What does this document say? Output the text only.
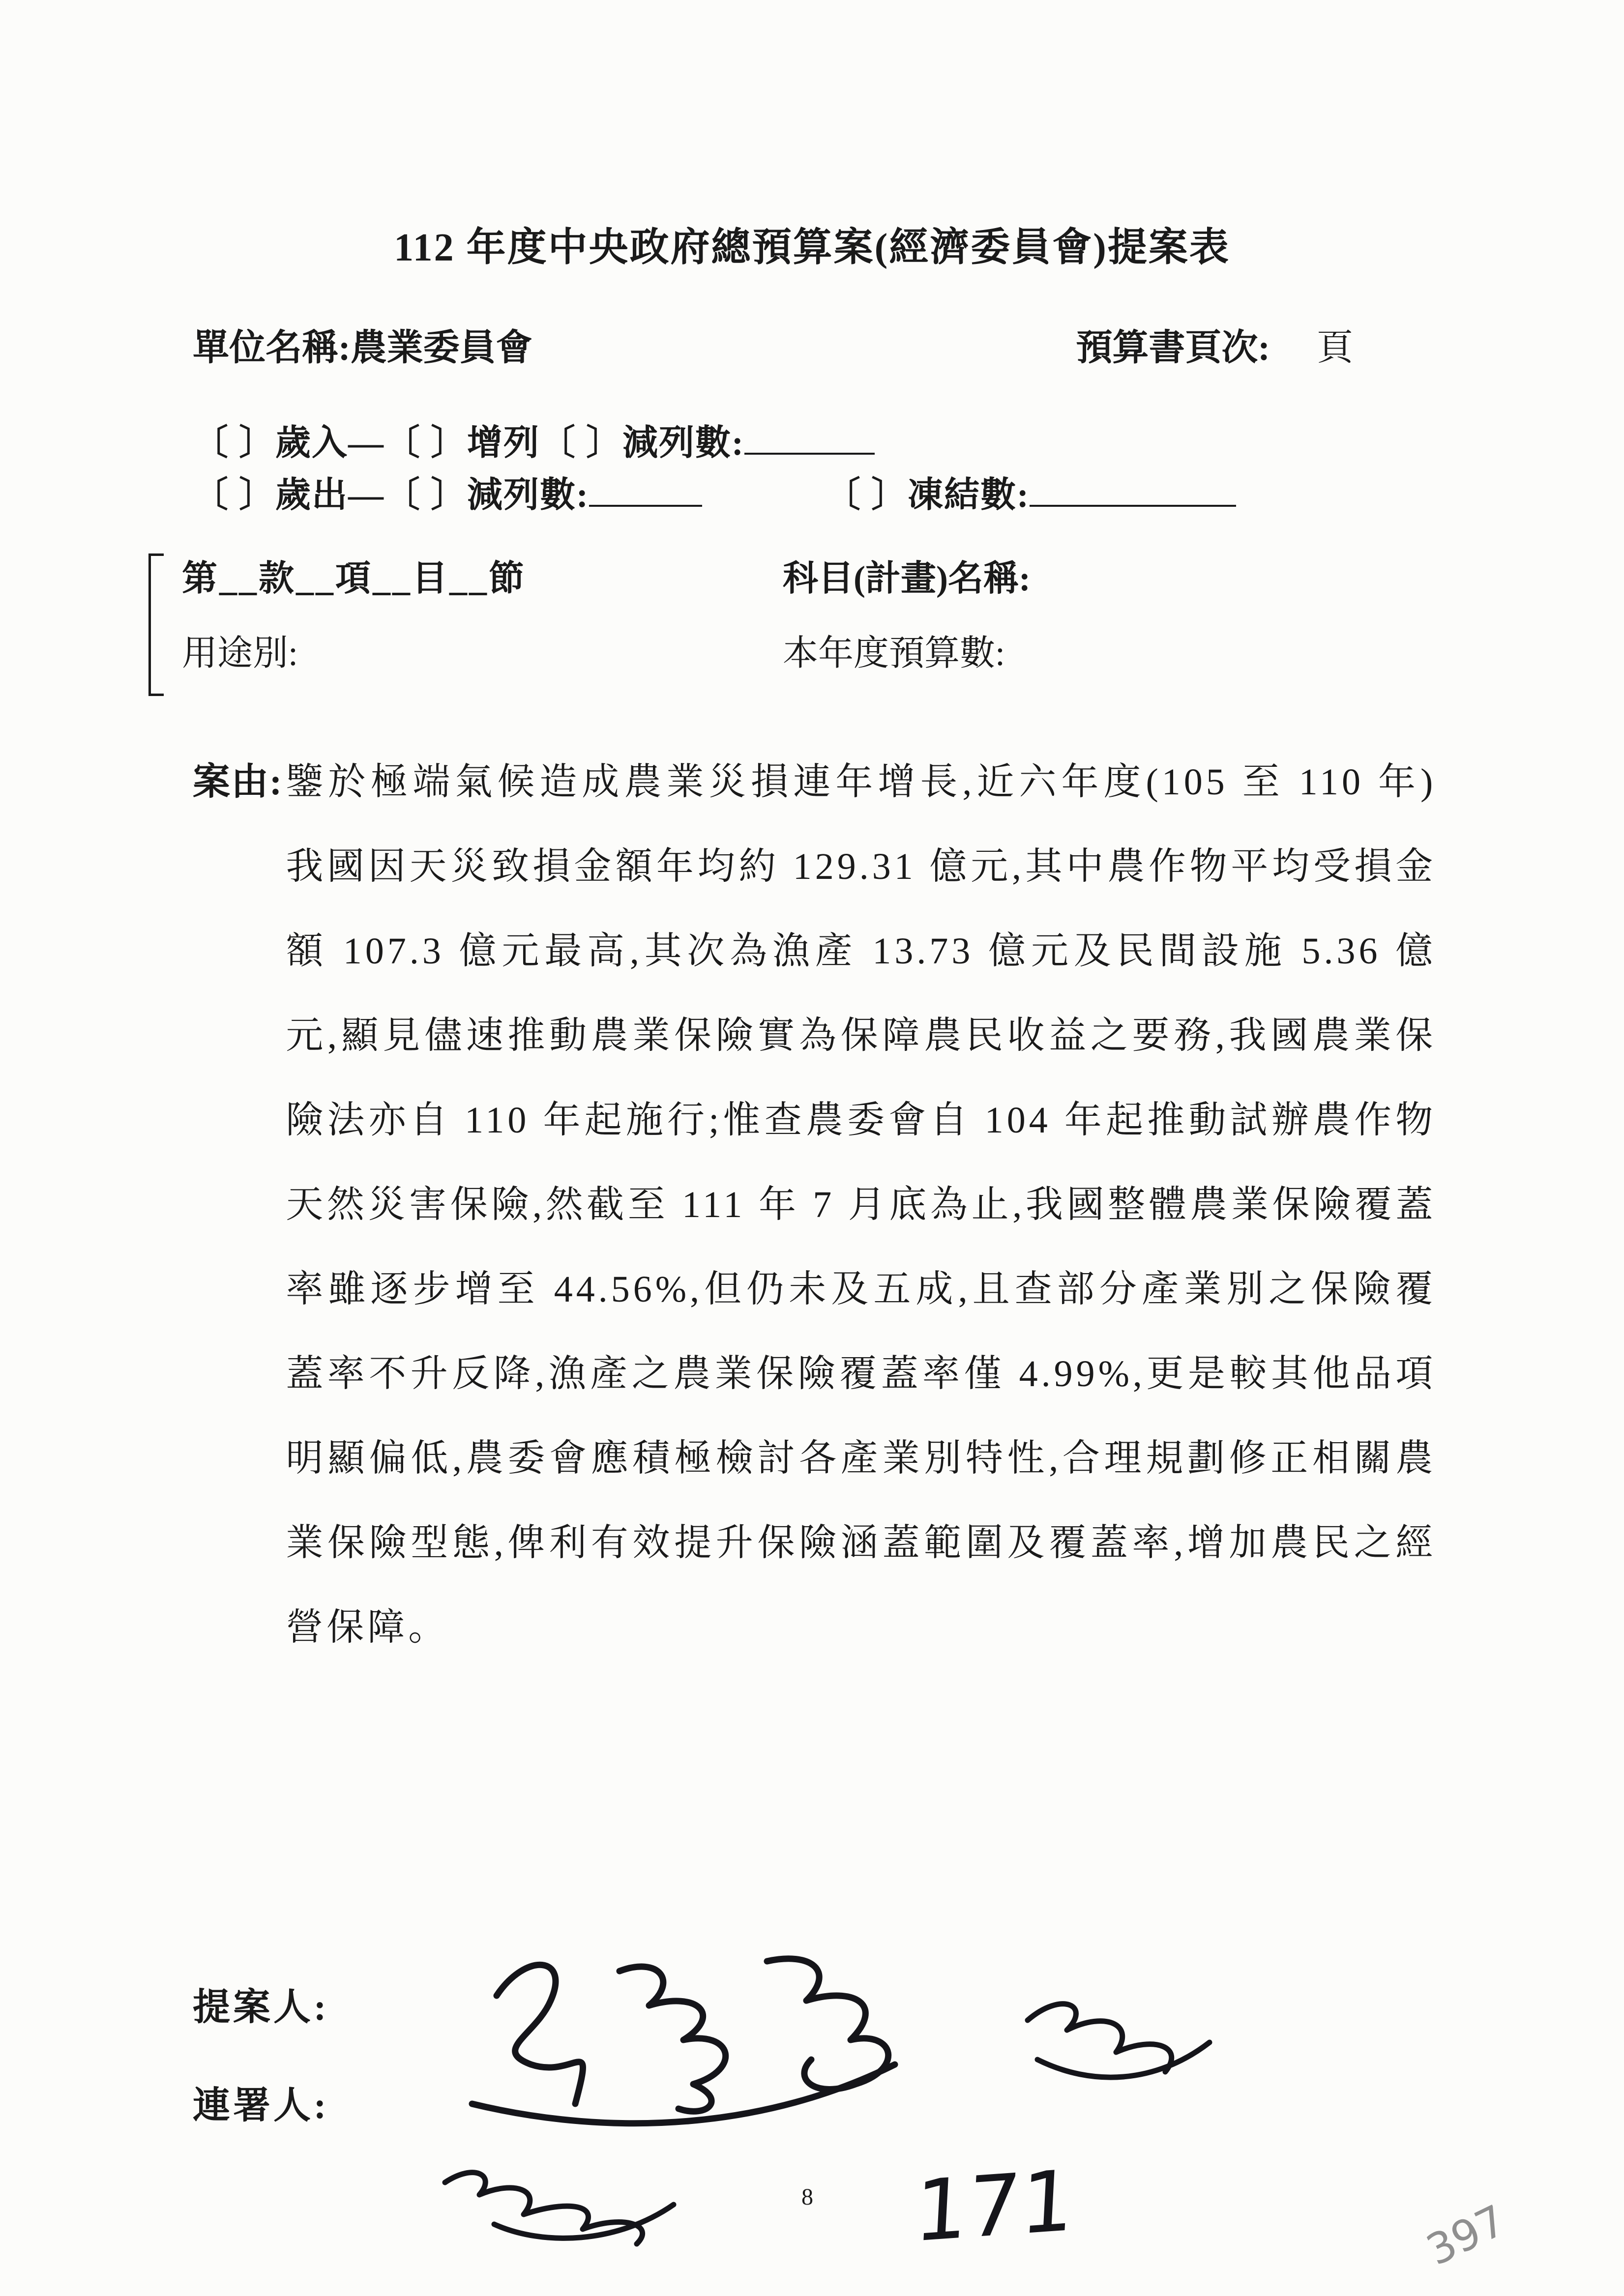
112 年度中央政府總預算案(經濟委員會)提案表
單位名稱:農業委員會	預算書頁次: 頁
〔 〕歲入—〔 〕增列〔 〕減列數:
〔 〕歲出—〔 〕減列數:	〔 〕凍結數:
第__款__項__目__節	科目(計畫)名稱:
用途別:	本年度預算數:
案由: 鑒於極端氣候造成農業災損連年增長,近六年度(105 至 110 年) 我國因天災致損金額年均約 129.31 億元,其中農作物平均受損金額 107.3 億元最高,其次為漁產 13.73 億元及民間設施 5.36 億元,顯見儘速推動農業保險實為保障農民收益之要務,我國農業保險法亦自 110 年起施行;惟查農委會自 104 年起推動試辦農作物天然災害保險,然截至 111 年 7 月底為止,我國整體農業保險覆蓋率雖逐步增至 44.56%,但仍未及五成,且查部分產業別之保險覆蓋率不升反降,漁產之農業保險覆蓋率僅 4.99%,更是較其他品項明顯偏低,農委會應積極檢討各產業別特性,合理規劃修正相關農業保險型態,俾利有效提升保險涵蓋範圍及覆蓋率,增加農民之經營保障。
提案人:
連署人:
8 171	397
